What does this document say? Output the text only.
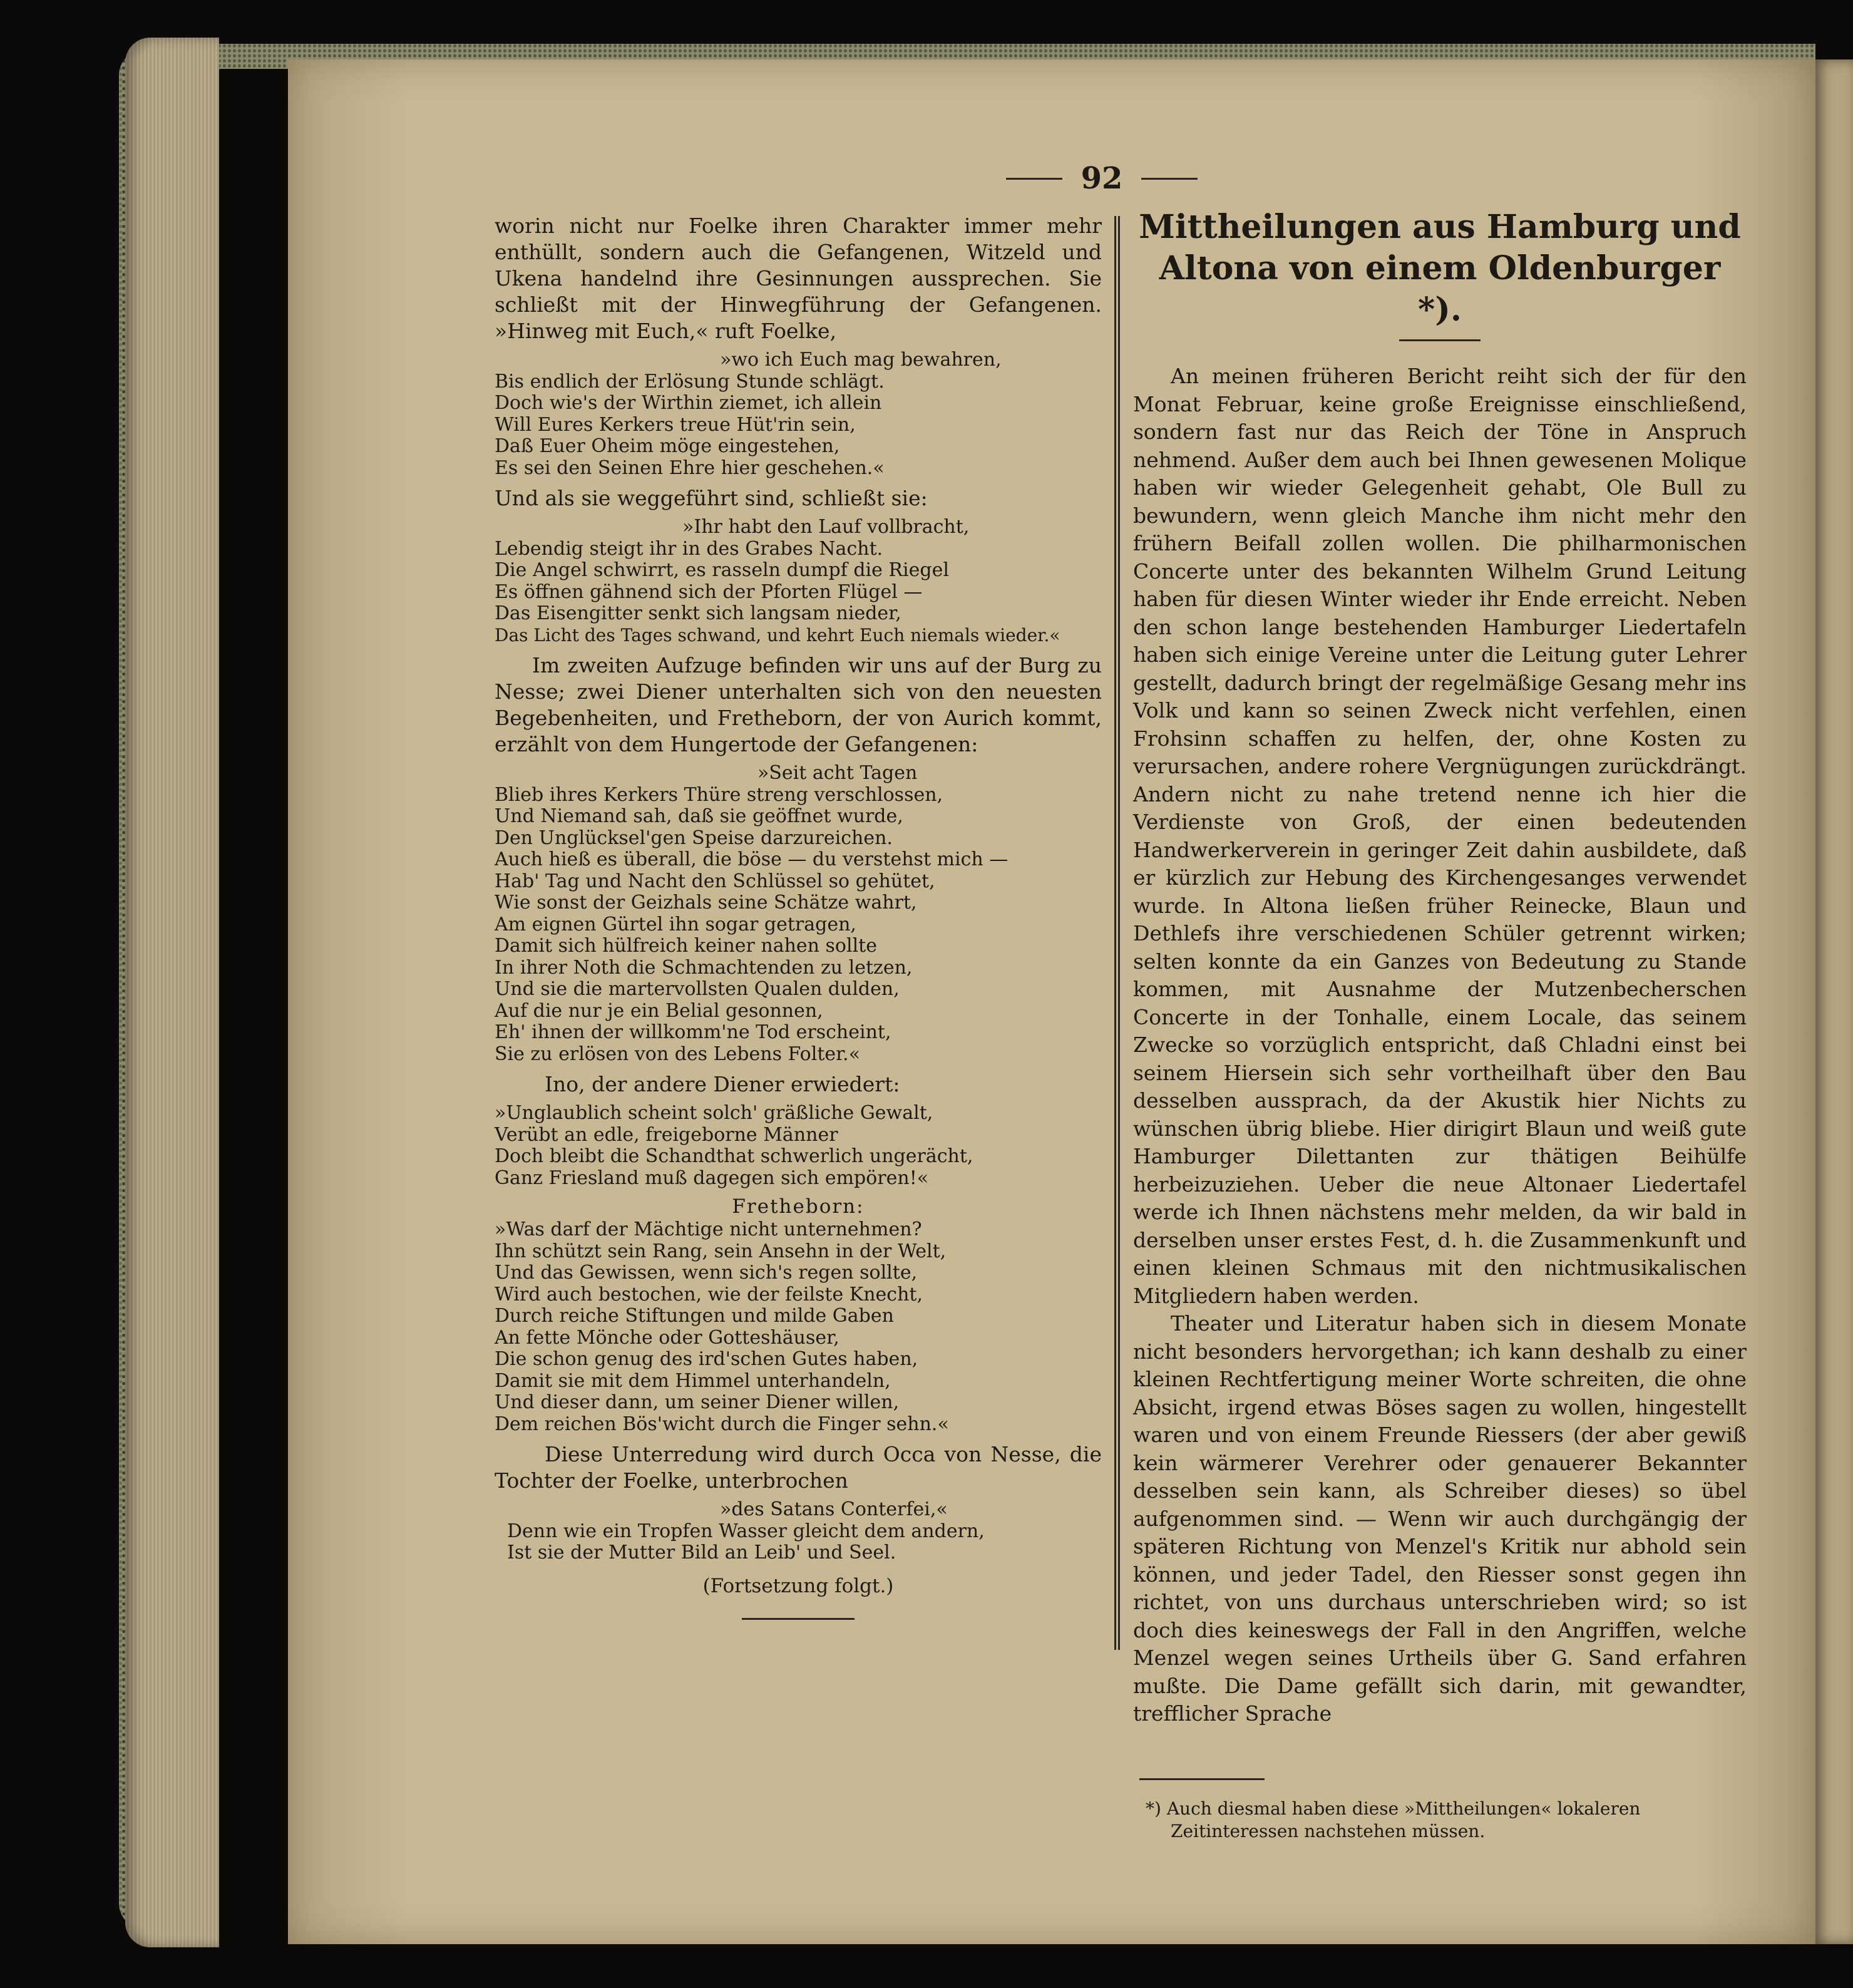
92

worin nicht nur Foelke ihren Charakter immer mehr enthüllt, sondern auch die Gefangenen, Witzeld und Ukena handelnd ihre Gesinnungen aussprechen. Sie schließt mit der Hinwegführung der Gefangenen. »Hinweg mit Euch,« ruft Foelke,

»wo ich Euch mag bewahren,
Bis endlich der Erlösung Stunde schlägt.
Doch wie's der Wirthin ziemet, ich allein
Will Eures Kerkers treue Hüt'rin sein,
Daß Euer Oheim möge eingestehen,
Es sei den Seinen Ehre hier geschehen.«

Und als sie weggeführt sind, schließt sie:

»Ihr habt den Lauf vollbracht,
Lebendig steigt ihr in des Grabes Nacht.
Die Angel schwirrt, es rasseln dumpf die Riegel
Es öffnen gähnend sich der Pforten Flügel —
Das Eisengitter senkt sich langsam nieder,
Das Licht des Tages schwand, und kehrt Euch niemals wieder.«

Im zweiten Aufzuge befinden wir uns auf der Burg zu Nesse; zwei Diener unterhalten sich von den neuesten Begebenheiten, und Fretheborn, der von Aurich kommt, erzählt von dem Hungertode der Gefangenen:

»Seit acht Tagen
Blieb ihres Kerkers Thüre streng verschlossen,
Und Niemand sah, daß sie geöffnet wurde,
Den Unglücksel'gen Speise darzureichen.
Auch hieß es überall, die böse — du verstehst mich —
Hab' Tag und Nacht den Schlüssel so gehütet,
Wie sonst der Geizhals seine Schätze wahrt,
Am eignen Gürtel ihn sogar getragen,
Damit sich hülfreich keiner nahen sollte
In ihrer Noth die Schmachtenden zu letzen,
Und sie die martervollsten Qualen dulden,
Auf die nur je ein Belial gesonnen,
Eh' ihnen der willkomm'ne Tod erscheint,
Sie zu erlösen von des Lebens Folter.«

Ino, der andere Diener erwiedert:

»Unglaublich scheint solch' gräßliche Gewalt,
Verübt an edle, freigeborne Männer
Doch bleibt die Schandthat schwerlich ungerächt,
Ganz Friesland muß dagegen sich empören!«

Fretheborn:

»Was darf der Mächtige nicht unternehmen?
Ihn schützt sein Rang, sein Ansehn in der Welt,
Und das Gewissen, wenn sich's regen sollte,
Wird auch bestochen, wie der feilste Knecht,
Durch reiche Stiftungen und milde Gaben
An fette Mönche oder Gotteshäuser,
Die schon genug des ird'schen Gutes haben,
Damit sie mit dem Himmel unterhandeln,
Und dieser dann, um seiner Diener willen,
Dem reichen Bös'wicht durch die Finger sehn.«

Diese Unterredung wird durch Occa von Nesse, die Tochter der Foelke, unterbrochen

»des Satans Conterfei,«
Denn wie ein Tropfen Wasser gleicht dem andern,
Ist sie der Mutter Bild an Leib' und Seel.
(Fortsetzung folgt.)
Mittheilungen aus Hamburg und Altona von einem Oldenburger *).

An meinen früheren Bericht reiht sich der für den Monat Februar, keine große Ereignisse einschließend, sondern fast nur das Reich der Töne in Anspruch nehmend. Außer dem auch bei Ihnen gewesenen Molique haben wir wieder Gelegenheit gehabt, Ole Bull zu bewundern, wenn gleich Manche ihm nicht mehr den frühern Beifall zollen wollen. Die philharmonischen Concerte unter des bekannten Wilhelm Grund Leitung haben für diesen Winter wieder ihr Ende erreicht. Neben den schon lange bestehenden Hamburger Liedertafeln haben sich einige Vereine unter die Leitung guter Lehrer gestellt, dadurch bringt der regelmäßige Gesang mehr ins Volk und kann so seinen Zweck nicht verfehlen, einen Frohsinn schaffen zu helfen, der, ohne Kosten zu verursachen, andere rohere Vergnügungen zurückdrängt. Andern nicht zu nahe tretend nenne ich hier die Verdienste von Groß, der einen bedeutenden Handwerkerverein in geringer Zeit dahin ausbildete, daß er kürzlich zur Hebung des Kirchengesanges verwendet wurde. In Altona ließen früher Reinecke, Blaun und Dethlefs ihre verschiedenen Schüler getrennt wirken; selten konnte da ein Ganzes von Bedeutung zu Stande kommen, mit Ausnahme der Mutzenbecherschen Concerte in der Tonhalle, einem Locale, das seinem Zwecke so vorzüglich entspricht, daß Chladni einst bei seinem Hiersein sich sehr vortheilhaft über den Bau desselben aussprach, da der Akustik hier Nichts zu wünschen übrig bliebe. Hier dirigirt Blaun und weiß gute Hamburger Dilettanten zur thätigen Beihülfe herbeizuziehen. Ueber die neue Altonaer Liedertafel werde ich Ihnen nächstens mehr melden, da wir bald in derselben unser erstes Fest, d. h. die Zusammenkunft und einen kleinen Schmaus mit den nichtmusikalischen Mitgliedern haben werden.

Theater und Literatur haben sich in diesem Monate nicht besonders hervorgethan; ich kann deshalb zu einer kleinen Rechtfertigung meiner Worte schreiten, die ohne Absicht, irgend etwas Böses sagen zu wollen, hingestellt waren und von einem Freunde Riessers (der aber gewiß kein wärmerer Verehrer oder genauerer Bekannter desselben sein kann, als Schreiber dieses) so übel aufgenommen sind. — Wenn wir auch durchgängig der späteren Richtung von Menzel's Kritik nur abhold sein können, und jeder Tadel, den Riesser sonst gegen ihn richtet, von uns durchaus unterschrieben wird; so ist doch dies keineswegs der Fall in den Angriffen, welche Menzel wegen seines Urtheils über G. Sand erfahren mußte. Die Dame gefällt sich darin, mit gewandter, trefflicher Sprache

*) Auch diesmal haben diese »Mittheilungen« lokaleren Zeitinteressen nachstehen müssen.
